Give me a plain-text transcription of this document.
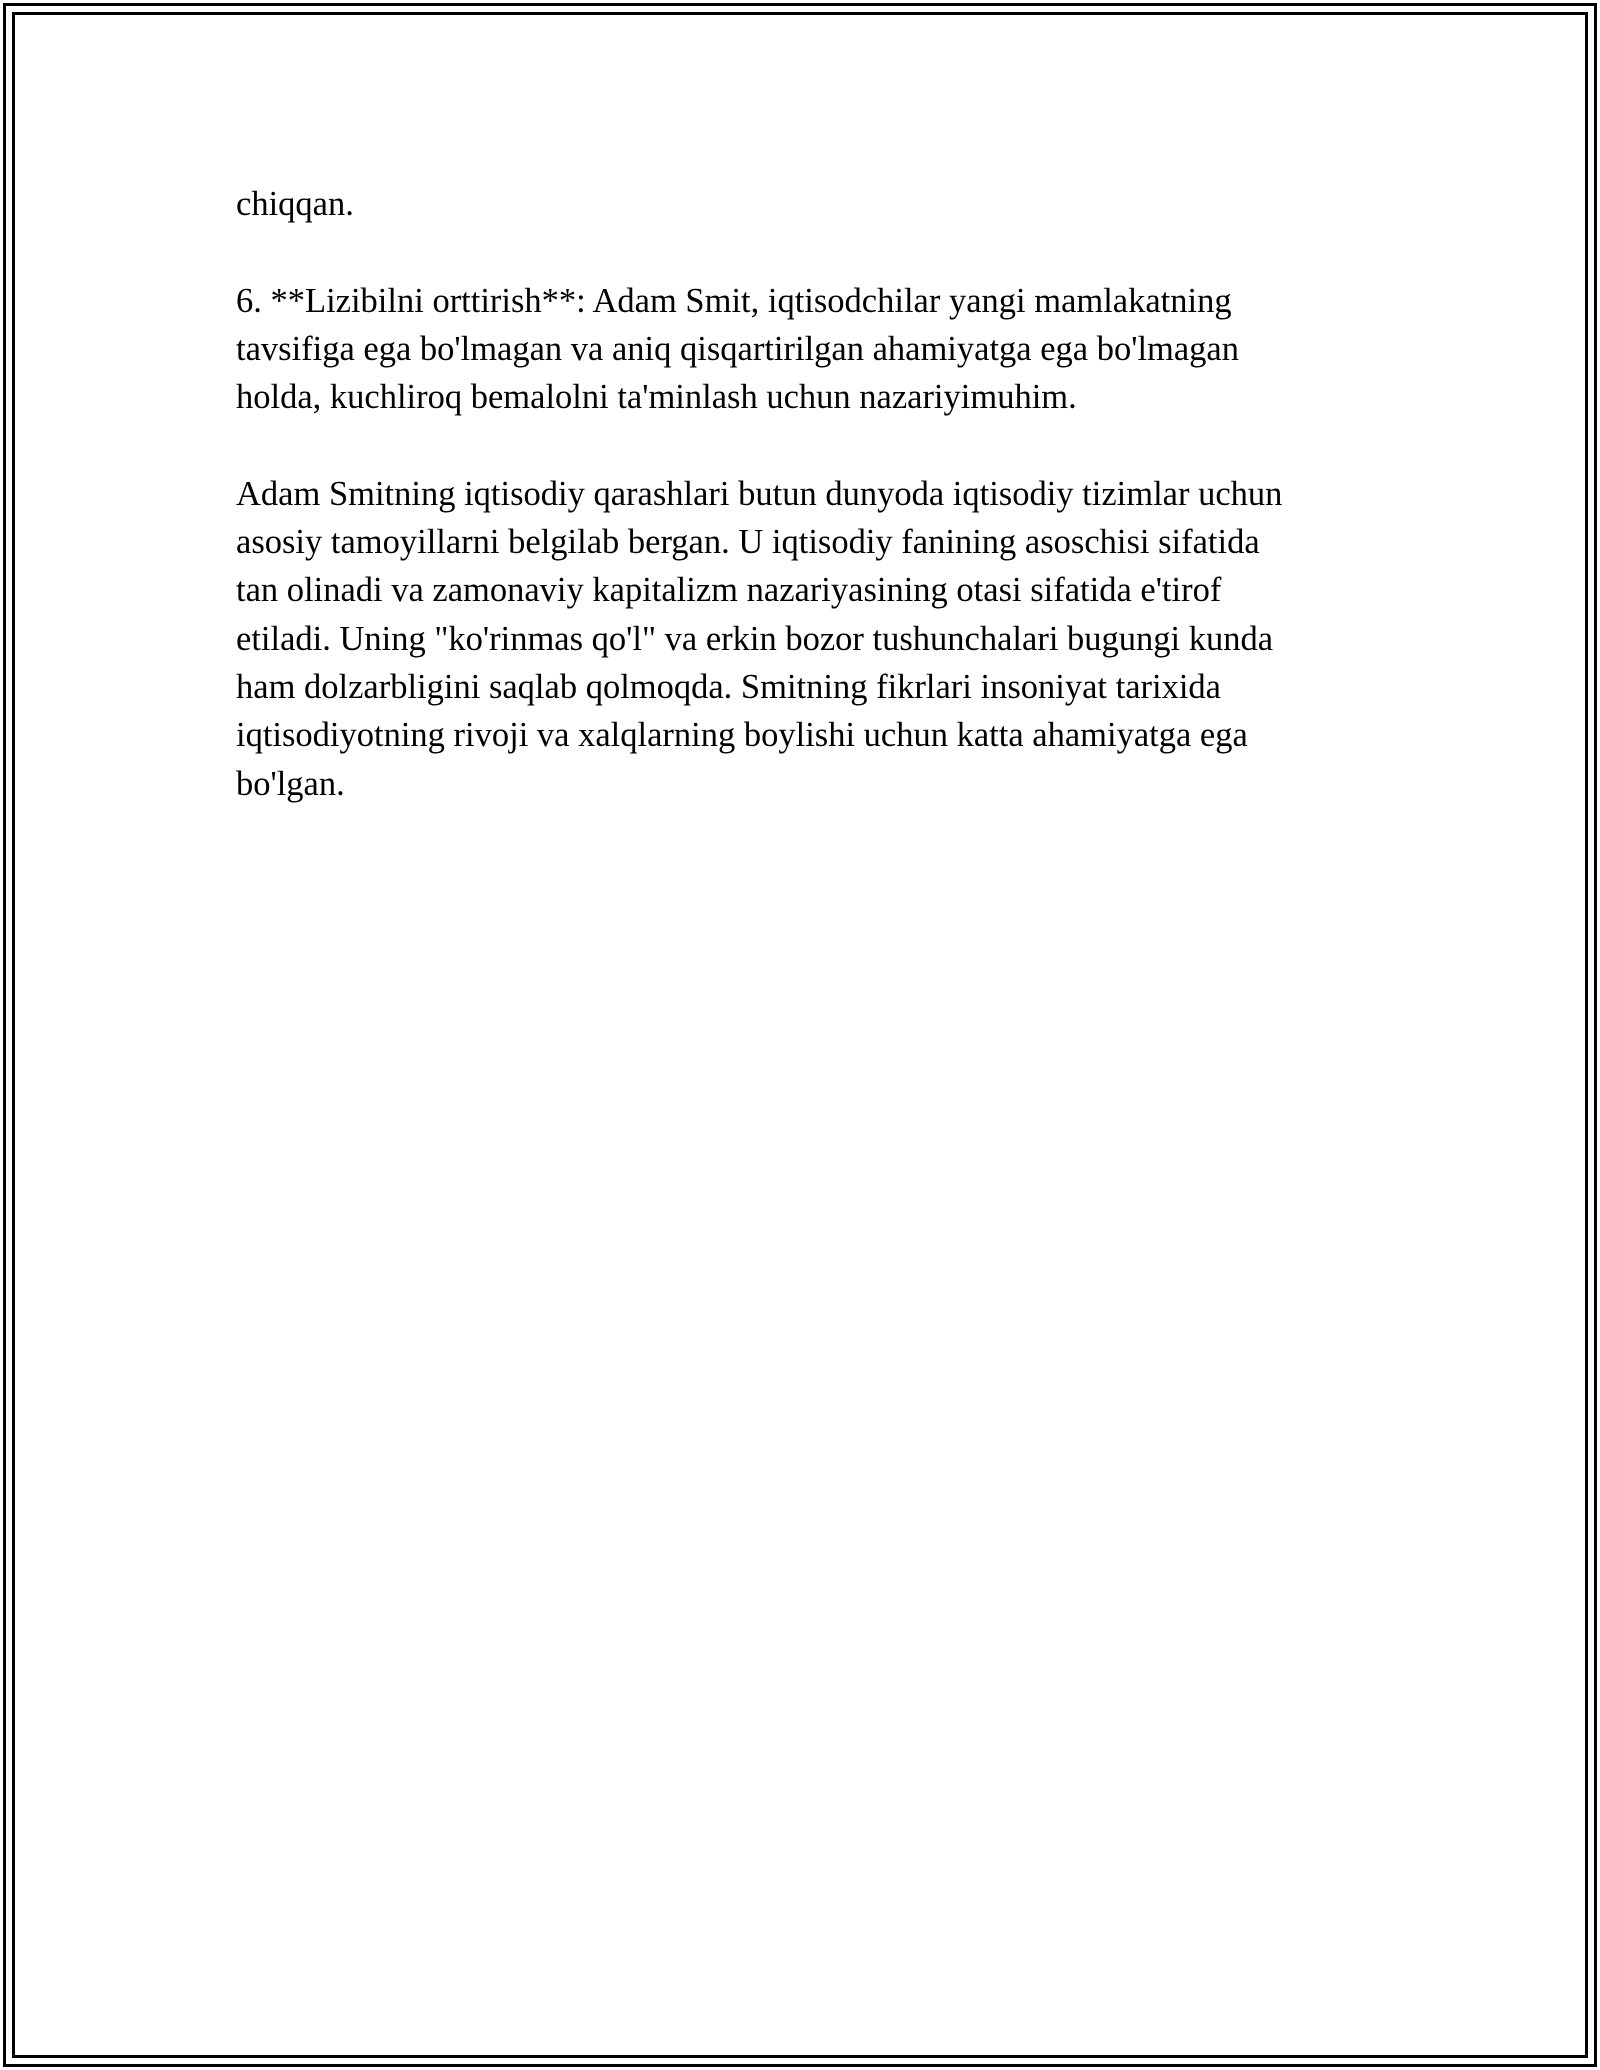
chiqqan.

6. **Lizibilni orttirish**: Adam Smit, iqtisodchilar yangi mamlakatning
tavsifiga ega bo'lmagan va aniq qisqartirilgan ahamiyatga ega bo'lmagan
holda, kuchliroq bemalolni ta'minlash uchun nazariyimuhim.

Adam Smitning iqtisodiy qarashlari butun dunyoda iqtisodiy tizimlar uchun
asosiy tamoyillarni belgilab bergan. U iqtisodiy fanining asoschisi sifatida
tan olinadi va zamonaviy kapitalizm nazariyasining otasi sifatida e'tirof
etiladi. Uning "ko'rinmas qo'l" va erkin bozor tushunchalari bugungi kunda
ham dolzarbligini saqlab qolmoqda. Smitning fikrlari insoniyat tarixida
iqtisodiyotning rivoji va xalqlarning boylishi uchun katta ahamiyatga ega
bo'lgan.
